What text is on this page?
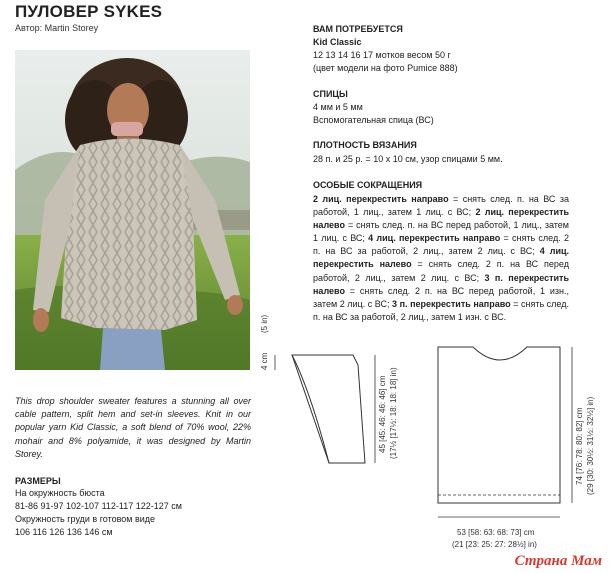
ПУЛОВЕР SYKES
Автор: Martin Storey
This drop shoulder sweater features a stunning all over cable pattern, split hem and set-in sleeves. Knit in our popular yarn Kid Classic, a soft blend of 70% wool, 22% mohair and 8% polyamide, it was designed by Martin Storey.
РАЗМЕРЫ
На окружность бюста
81-86 91-97 102-107 112-117 122-127 см
Окружность груди в готовом виде
106 116 126 136 146 см
ВАМ ПОТРЕБУЕТСЯ
Kid Classic
12 13 14 16 17 мотков весом 50 г
(цвет модели на фото Pumice 888)
СПИЦЫ
4 мм и 5 мм
Вспомогательная спица (ВС)
ПЛОТНОСТЬ ВЯЗАНИЯ
28 п. и 25 р. = 10 х 10 см, узор спицами 5 мм.
ОСОБЫЕ СОКРАЩЕНИЯ
2 лиц. перекрестить направо = снять след. п. на ВС за работой, 1 лиц., затем 1 лиц. с ВС; 2 лиц. перекрестить налево = снять след. п. на ВС перед работой, 1 лиц., затем 1 лиц. с ВС; 4 лиц. перекрестить направо = снять след. 2 п. на ВС за работой, 2 лиц., затем 2 лиц. с ВС; 4 лиц. перекрестить налево = снять след. 2 п. на ВС перед работой, 2 лиц., затем 2 лиц. с ВС; 3 п. перекрестить налево = снять след. 2 п. на ВС перед работой, 1 изн., затем 2 лиц. с ВС; 3 п. перекрестить направо = снять след. п. на ВС за работой, 2 лиц., затем 1 изн. с ВС.
4 cm
(5 in)
45 [45: 46: 46: 46] cm (17½ [17½: 18: 18: 18] in)	74 [76: 78: 80: 82] cm (29 [30: 30½: 31½: 32½] in)
53 [58: 63: 68: 73] cm
(21 [23: 25: 27: 28½] in)
Страна Мам
